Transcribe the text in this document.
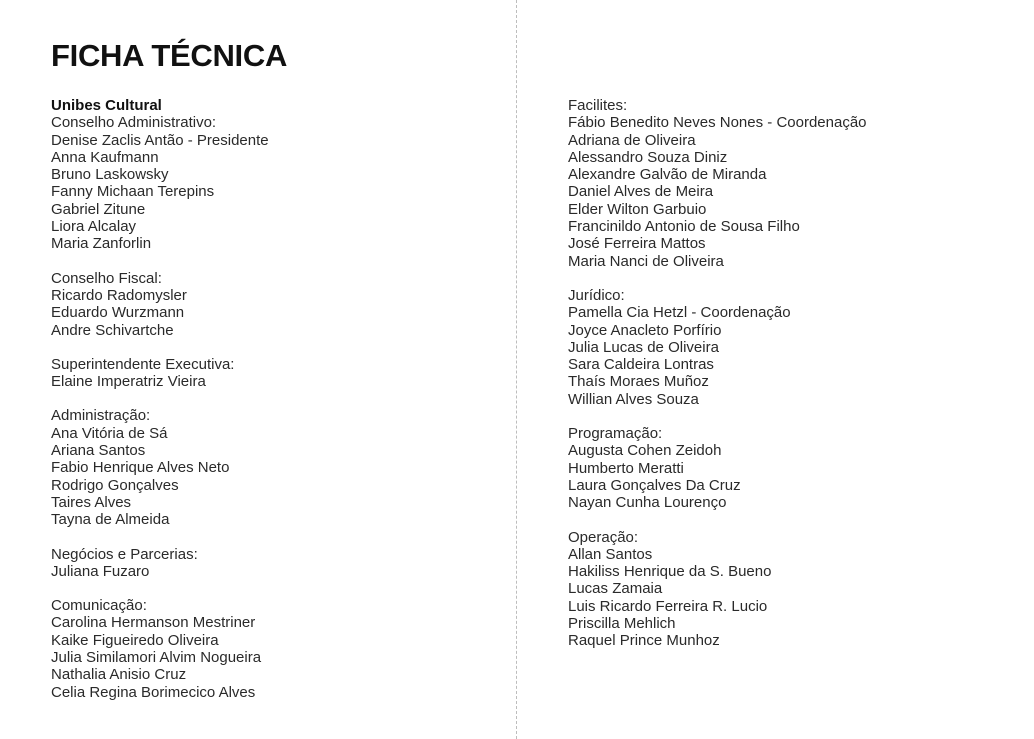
FICHA TÉCNICA
Unibes Cultural
Conselho Administrativo:
Denise Zaclis Antão - Presidente
Anna Kaufmann
Bruno Laskowsky
Fanny Michaan Terepins
Gabriel Zitune
Liora Alcalay
Maria Zanforlin
Conselho Fiscal:
Ricardo Radomysler
Eduardo Wurzmann
Andre Schivartche
Superintendente Executiva:
Elaine Imperatriz Vieira
Administração:
Ana Vitória de Sá
Ariana Santos
Fabio Henrique Alves Neto
Rodrigo Gonçalves
Taires Alves
Tayna de Almeida
Negócios e Parcerias:
Juliana Fuzaro
Comunicação:
Carolina Hermanson Mestriner
Kaike Figueiredo Oliveira
Julia Similamori Alvim Nogueira
Nathalia Anisio Cruz
Celia Regina Borimecico Alves
Facilites:
Fábio Benedito Neves Nones - Coordenação
Adriana de Oliveira
Alessandro Souza Diniz
Alexandre Galvão de Miranda
Daniel Alves de Meira
Elder Wilton Garbuio
Francinildo Antonio de Sousa Filho
José Ferreira Mattos
Maria Nanci de Oliveira
Jurídico:
Pamella Cia Hetzl - Coordenação
Joyce Anacleto Porfírio
Julia Lucas de Oliveira
Sara Caldeira Lontras
Thaís Moraes Muñoz
Willian Alves Souza
Programação:
Augusta Cohen Zeidoh
Humberto Meratti
Laura Gonçalves Da Cruz
Nayan Cunha Lourenço
Operação:
Allan Santos
Hakiliss Henrique da S. Bueno
Lucas Zamaia
Luis Ricardo Ferreira R. Lucio
Priscilla Mehlich
Raquel Prince Munhoz
